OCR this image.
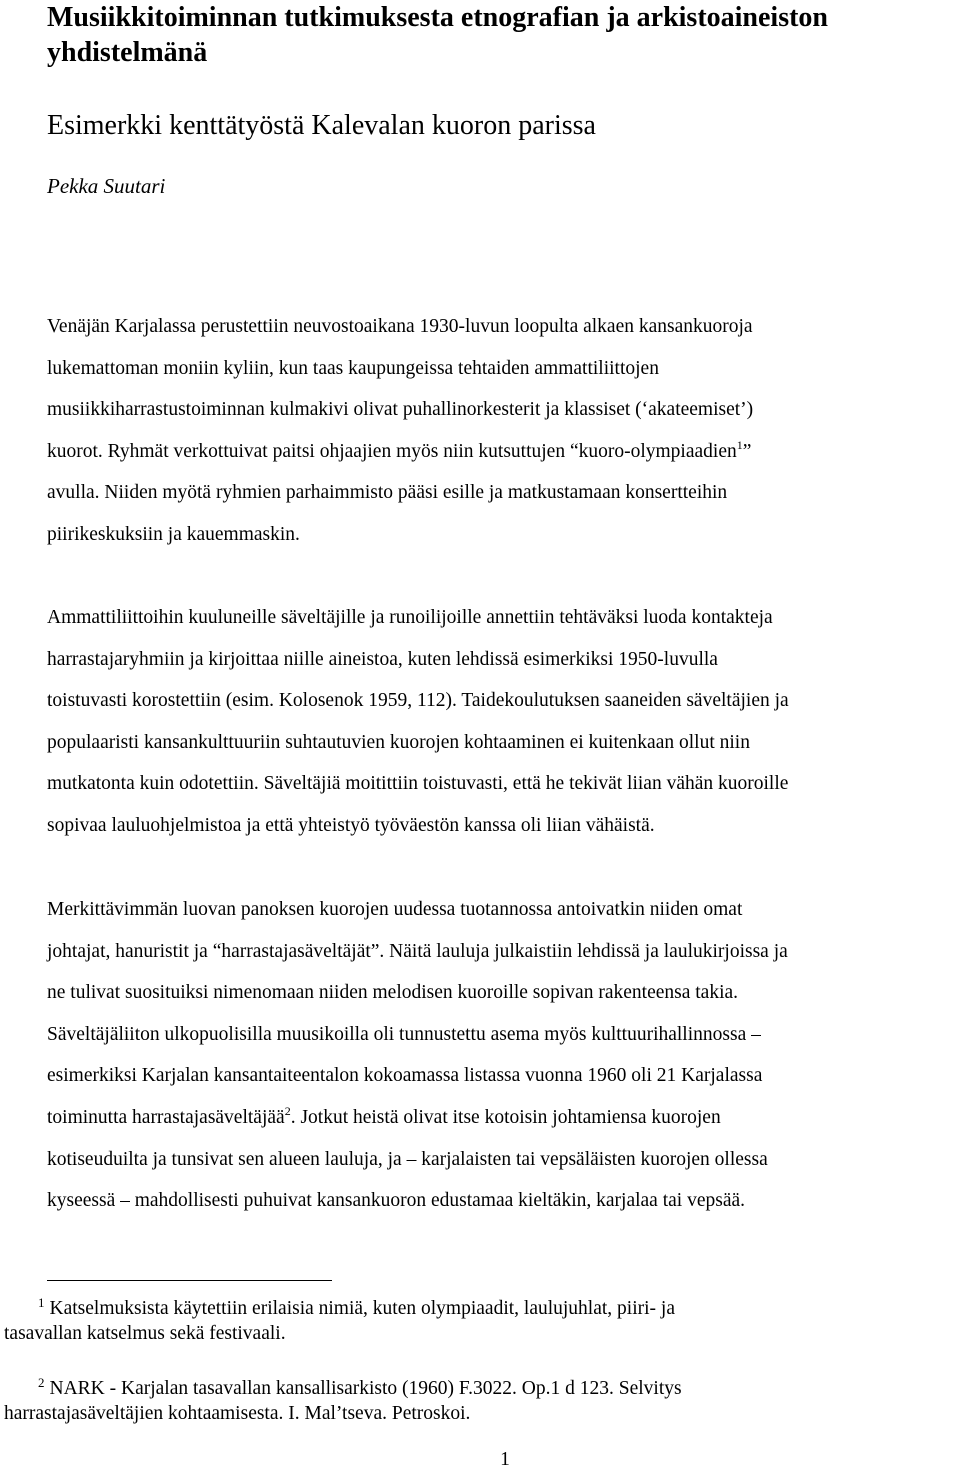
Musiikkitoiminnan tutkimuksesta etnografian ja arkistoaineiston yhdistelmänä
Esimerkki kenttätyöstä Kalevalan kuoron parissa

Pekka Suutari

Venäjän Karjalassa perustettiin neuvostoaikana 1930-luvun loopulta alkaen kansankuoroja
lukemattoman moniin kyliin, kun taas kaupungeissa tehtaiden ammattiliittojen
musiikkiharrastustoiminnan kulmakivi olivat puhallinorkesterit ja klassiset (‘akateemiset’)
kuorot. Ryhmät verkottuivat paitsi ohjaajien myös niin kutsuttujen “kuoro-olympiaadien$^1$”
avulla. Niiden myötä ryhmien parhaimmisto pääsi esille ja matkustamaan konsertteihin
piirikeskuksiin ja kauemmaskin.

Ammattiliittoihin kuuluneille säveltäjille ja runoilijoille annettiin tehtäväksi luoda kontakteja
harrastajaryhmiin ja kirjoittaa niille aineistoa, kuten lehdissä esimerkiksi 1950-luvulla
toistuvasti korostettiin (esim. Kolosenok 1959, 112). Taidekoulutuksen saaneiden säveltäjien ja
populaaristi kansankulttuuriin suhtautuvien kuorojen kohtaaminen ei kuitenkaan ollut niin
mutkatonta kuin odotettiin. Säveltäjiä moitittiin toistuvasti, että he tekivät liian vähän kuoroille
sopivaa lauluohjelmistoa ja että yhteistyö työväestön kanssa oli liian vähäistä.

Merkittävimmän luovan panoksen kuorojen uudessa tuotannossa antoivatkin niiden omat
johtajat, hanuristit ja “harrastajasäveltäjät”. Näitä lauluja julkaistiin lehdissä ja laulukirjoissa ja
ne tulivat suosituiksi nimenomaan niiden melodisen kuoroille sopivan rakenteensa takia.
Säveltäjäliiton ulkopuolisilla muusikoilla oli tunnustettu asema myös kulttuurihallinnossa –
esimerkiksi Karjalan kansantaiteentalon kokoamassa listassa vuonna 1960 oli 21 Karjalassa
toiminutta harrastajasäveltäjää$^2$. Jotkut heistä olivat itse kotoisin johtamiensa kuorojen
kotiseuduilta ja tunsivat sen alueen lauluja, ja – karjalaisten tai vepsäläisten kuorojen ollessa
kyseessä – mahdollisesti puhuivat kansankuoron edustamaa kieltäkin, karjalaa tai vepsää.

$^1$ Katselmuksista käytettiin erilaisia nimiä, kuten olympiaadit, laulujuhlat, piiri- ja
tasavallan katselmus sekä festivaali.

$^2$ NARK - Karjalan tasavallan kansallisarkisto (1960) F.3022. Op.1 d 123. Selvitys
harrastajasäveltäjien kohtaamisesta. I. Mal’tseva. Petroskoi.

1
